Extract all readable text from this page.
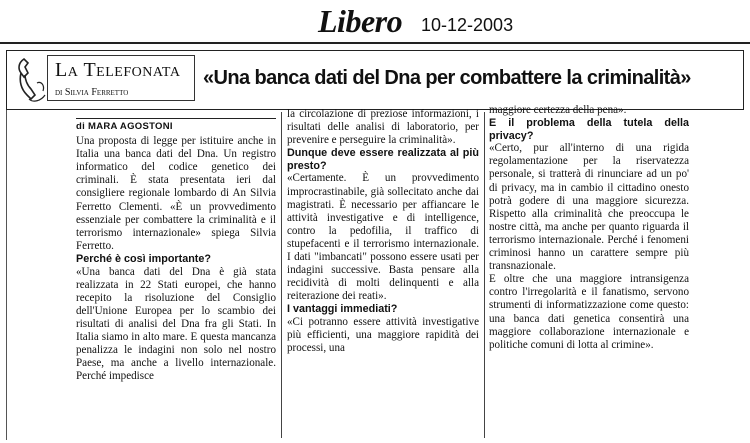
Libero 10-12-2003
La Telefonata
di Silvia Ferretto
«Una banca dati del Dna per combattere la criminalità»
di MARA AGOSTONI

Una proposta di legge per istituire anche in Italia una banca dati del Dna. Un registro informatico del codice genetico dei criminali. È stata presentata ieri dal consigliere regionale lombardo di An Silvia Ferretto Clementi. «È un provvedimento essenziale per combattere la criminalità e il terrorismo internazionale» spiega Silvia Ferretto.

Perché è così importante?

«Una banca dati del Dna è già stata realizzata in 22 Stati europei, che hanno recepito la risoluzione del Consiglio dell'Unione Europea per lo scambio dei risultati di analisi del Dna fra gli Stati. In Italia siamo in alto mare. E questa mancanza penalizza le indagini non solo nel nostro Paese, ma anche a livello internazionale. Perché impedisce

la circolazione di preziose informazioni, i risultati delle analisi di laboratorio, per prevenire e perseguire la criminalità».

Dunque deve essere realizzata al più presto?

«Certamente. È un provvedimento improcrastinabile, già sollecitato anche dai magistrati. È necessario per affiancare le attività investigative e di intelligence, contro la pedofilia, il traffico di stupefacenti e il terrorismo internazionale. I dati "imbancati" possono essere usati per indagini successive. Basta pensare alla recidività di molti delinquenti e alla reiterazione dei reati».

I vantaggi immediati?

«Ci potranno essere attività investigative più efficienti, una maggiore rapidità dei processi, una

maggiore certezza della pena».

E il problema della tutela della privacy?

«Certo, pur all'interno di una rigida regolamentazione per la riservatezza personale, si tratterà di rinunciare ad un po' di privacy, ma in cambio il cittadino onesto potrà godere di una maggiore sicurezza. Rispetto alla criminalità che preoccupa le nostre città, ma anche per quanto riguarda il terrorismo internazionale. Perché i fenomeni criminosi hanno un carattere sempre più transnazionale.

E oltre che una maggiore intransigenza contro l'irregolarità e il fanatismo, servono strumenti di informatizzazione come questo: una banca dati genetica consentirà una maggiore collaborazione internazionale e politiche comuni di lotta al crimine».
